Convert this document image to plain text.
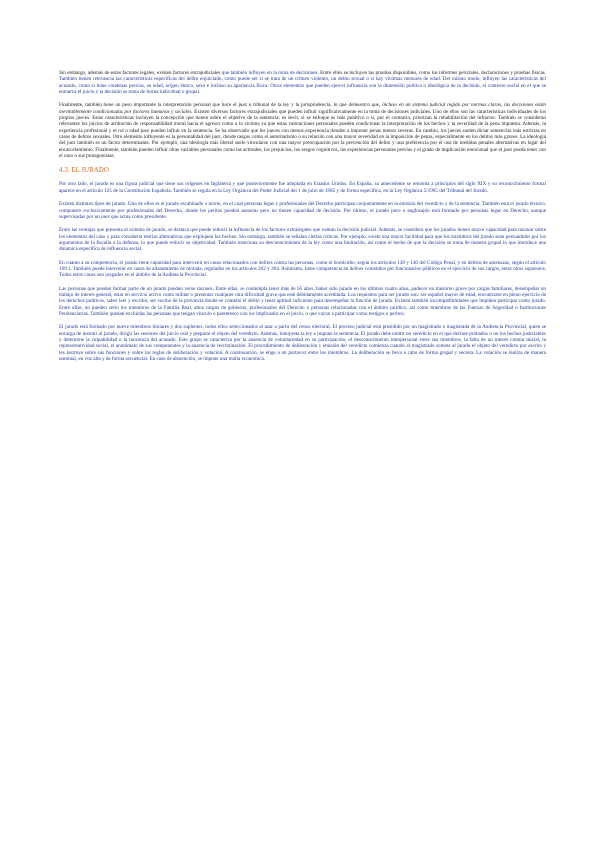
Sin embargo, además de estos factores legales, existen factores extrajudiciales que también influyen en la toma de decisiones. Entre ellos se incluyen las pruebas disponibles, como los informes periciales, declaraciones y pruebas físicas. También tienen relevancia las características específicas del delito enjuiciado, como puede ser si se trata de un crimen violento, un delito sexual o si hay víctimas menores de edad. Del mismo modo, influyen las características del acusado, como si tiene condenas previas, su edad, origen étnico, sexo e incluso su apariencia física. Otros elementos que pueden ejercer influencia son la dimensión política o ideológica de la decisión, el contexto social en el que se enmarca el juicio y la decisión se toma de forma individual o grupal.

Finalmente, también tiene un peso importante la interpretación personal que hace el juez o tribunal de la ley y la jurisprudencia, lo que demuestra que, incluso en un sistema judicial regido por normas claras, las decisiones están inevitablemente condicionadas por factores humanos y sociales. Existen diversos factores extrajudiciales que pueden influir significativamente en la toma de decisiones judiciales. Uno de ellos son las características individuales de los propios jueces. Estas características incluyen la concepción que tienen sobre el objetivo de la sentencia: es decir, si se enfoque es más punitivo o si, por el contrario, priorizan la rehabilitación del infractor. También se consideran relevantes los juicios de atribución de responsabilidad moral hacia el agresor como a la víctima ya que estas valoraciones personales pueden condicionar la interpretación de los hechos y la severidad de la pena impuesta. Además, la experiencia profesional y el rol o edad juez pueden influir en la sentencia. Se ha observado que los jueces con menos experiencia tienden a imponer penas menos severas. En cambio, los jueces suelen dictar sentencias más estrictas en casos de delitos sexuales. Otro elemento influyente es la personalidad del juez, donde rasgos como el autoritarismo o su relación con una mayor severidad en la imposición de penas, especialmente en los delitos más graves. La ideología del juez también es un factor determinante. Por ejemplo, una ideología más liberal suele vincularse con una mayor preocupación por la prevención del delito y una preferencia por el uso de medidas penales alternativas en lugar del encarcelamiento. Finalmente, también pueden influir otras variables personales como las actitudes, los prejuicios, los sesgos cognitivos, las experiencias personales previas y el grado de implicación emocional que el juez pueda tener con el caso o sus protagonistas.

4.3. EL JURADO

Por otro lado, el jurado es una figura judicial que tiene sus orígenes en Inglaterra y que posteriormente fue adoptada en Estados Unidos. En España, su antecedente se remonta a principios del siglo XIX y su reconocimiento formal aparece en el artículo 125 de la Constitución Española. También se regula en la Ley Orgánica del Poder Judicial del 1 de julio de 1985 y de forma específica, en la Ley Orgánica 5/1995 del Tribunal del Jurado.

Existen distintos tipos de jurado. Uno de ellos es el jurado escabinado o mixto, en el cual personas legas y profesionales del Derecho participan conjuntamente en la emisión del veredicto y de la sentencia. También está el jurado técnico, compuesto exclusivamente por profesionales del Derecho, donde los peritos pueden asesorar pero no tienen capacidad de decisión. Por último, el jurado puro o anglosajón está formado por personas legas en Derecho, aunque supervisadas por un juez que actúa como presidente.

Entre las ventajas que presenta el sistema de jurado, se destaca que puede reducir la influencia de los factores extralegales que rodean la decisión judicial. Además, se considera que los jurados tienen mayor capacidad para razonar sobre los elementos del caso y para considerar teorías alternativas que expliquen los hechos. Sin embargo, también se señalan ciertas críticas. Por ejemplo, existe una mayor facilidad para que los miembros del jurado sean persuadidos por los argumentos de la fiscalía o la defensa, lo que puede reducir su objetividad. También menciona su desconocimiento de la ley como una limitación, así como el hecho de que la decisión se toma de manera grupal lo que introduce una dinámica específica de influencia social.

En cuanto a su competencia, el jurado tiene capacidad para intervenir en casos relacionados con delitos contra las personas, como el homicidio, según los artículos 138 y 140 del Código Penal, y en delitos de amenazas, según el artículo 169.1. También puede intervenir en casos de allanamiento de morada, regulados en los artículos 202 y 204. Asimismo, tiene competencia en delitos cometidos por funcionarios públicos en el ejercicio de sus cargos, entre otros supuestos. Todos estos casos son juzgados en el ámbito de la Audiencia Provincial.

Las personas que pueden formar parte de un jurado pueden verse razones. Entre ellas, se contempla tener más de 65 años, haber sido jurado en los últimos cuatro años, padecer un trastorno grave por cargas familiares, desempeñar un trabajo de interés general, estar en servicio activo como militar o presentar cualquier otra dificultad grave que esté debidamente acreditada. Los requisitos para ser jurado son: ser español mayor de edad, encontrarse en pleno ejercicio de los derechos políticos, saber leer y escribir, ser vecino de la provincia donde se cometió el delito y tener aptitud suficiente para desempeñar la función de jurado. Existen también incompatibilidades que impiden participar como jurado. Entre ellas, no pueden serlo los miembros de la Familia Real, altos cargos de gobierno, profesionales del Derecho o personas relacionadas con el ámbito jurídico, así como miembros de las Fuerzas de Seguridad o Instituciones Penitenciarias. También quedan excluidas las personas que tengan vínculo o parentesco con los implicados en el juicio, o que vayan a participar como testigos o peritos.

El jurado está formado por nueve miembros titulares y dos suplentes, todos ellos seleccionados al azar a partir del censo electoral. El proceso judicial está presidido por un magistrado o magistrada de la Audiencia Provincial, quien se encarga de instruir al jurado, dirigir las sesiones del juicio oral y preparar el objeto del veredicto. Además, interpreta la ley e impone la sentencia. El jurado debe emitir un veredicto en el que declare probados o no los hechos justiciables y determine la culpabilidad o la inocencia del acusado. Este grupo se caracteriza por la ausencia de voluntariedad en su participación, el desconocimiento interpersonal entre sus miembros, la falta de un interés común inicial, la representatividad social, el anonimato de sus componentes y la ausencia de recriminación. El procedimiento de deliberación y emisión del veredicto comienza cuando el magistrado somete al jurado el objeto del veredicto por escrito y les instruye sobre sus funciones y sobre las reglas de deliberación y votación. A continuación, se elige a un portavoz entre los miembros. La deliberación se lleva a cabo de forma grupal y secreta. La votación se realiza de manera nominal, en voz alta y de forma secuencial. En caso de abstención, se impone una multa económica.
